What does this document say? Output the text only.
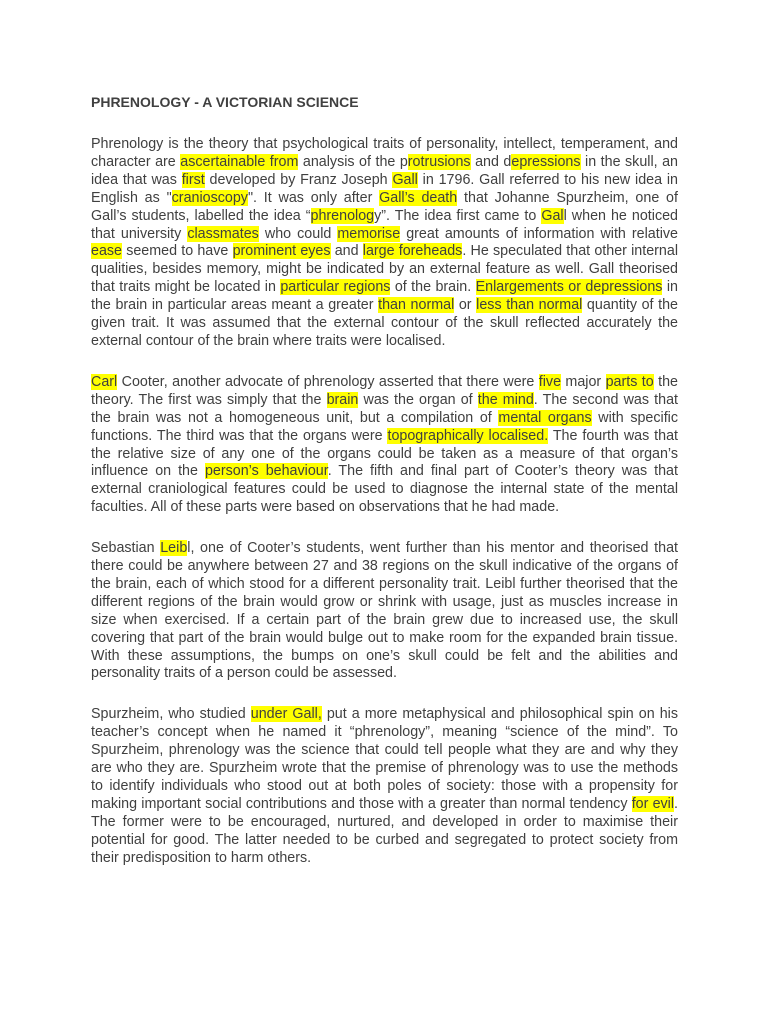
PHRENOLOGY - A VICTORIAN SCIENCE

Phrenology is the theory that psychological traits of personality, intellect, temperament, and character are ascertainable from analysis of the protrusions and depressions in the skull, an idea that was first developed by Franz Joseph Gall in 1796. Gall referred to his new idea in English as "cranioscopy". It was only after Gall’s death that Johanne Spurzheim, one of Gall’s students, labelled the idea “phrenology”. The idea first came to Gall when he noticed that university classmates who could memorise great amounts of information with relative ease seemed to have prominent eyes and large foreheads. He speculated that other internal qualities, besides memory, might be indicated by an external feature as well. Gall theorised that traits might be located in particular regions of the brain. Enlargements or depressions in the brain in particular areas meant a greater than normal or less than normal quantity of the given trait. It was assumed that the external contour of the skull reflected accurately the external contour of the brain where traits were localised.

Carl Cooter, another advocate of phrenology asserted that there were five major parts to the theory. The first was simply that the brain was the organ of the mind. The second was that the brain was not a homogeneous unit, but a compilation of mental organs with specific functions. The third was that the organs were topographically localised. The fourth was that the relative size of any one of the organs could be taken as a measure of that organ’s influence on the person’s behaviour. The fifth and final part of Cooter’s theory was that external craniological features could be used to diagnose the internal state of the mental faculties. All of these parts were based on observations that he had made.

Sebastian Leibl, one of Cooter’s students, went further than his mentor and theorised that there could be anywhere between 27 and 38 regions on the skull indicative of the organs of the brain, each of which stood for a different personality trait. Leibl further theorised that the different regions of the brain would grow or shrink with usage, just as muscles increase in size when exercised. If a certain part of the brain grew due to increased use, the skull covering that part of the brain would bulge out to make room for the expanded brain tissue. With these assumptions, the bumps on one’s skull could be felt and the abilities and personality traits of a person could be assessed.

Spurzheim, who studied under Gall, put a more metaphysical and philosophical spin on his teacher’s concept when he named it “phrenology”, meaning “science of the mind”. To Spurzheim, phrenology was the science that could tell people what they are and why they are who they are. Spurzheim wrote that the premise of phrenology was to use the methods to identify individuals who stood out at both poles of society: those with a propensity for making important social contributions and those with a greater than normal tendency for evil. The former were to be encouraged, nurtured, and developed in order to maximise their potential for good. The latter needed to be curbed and segregated to protect society from their predisposition to harm others.
